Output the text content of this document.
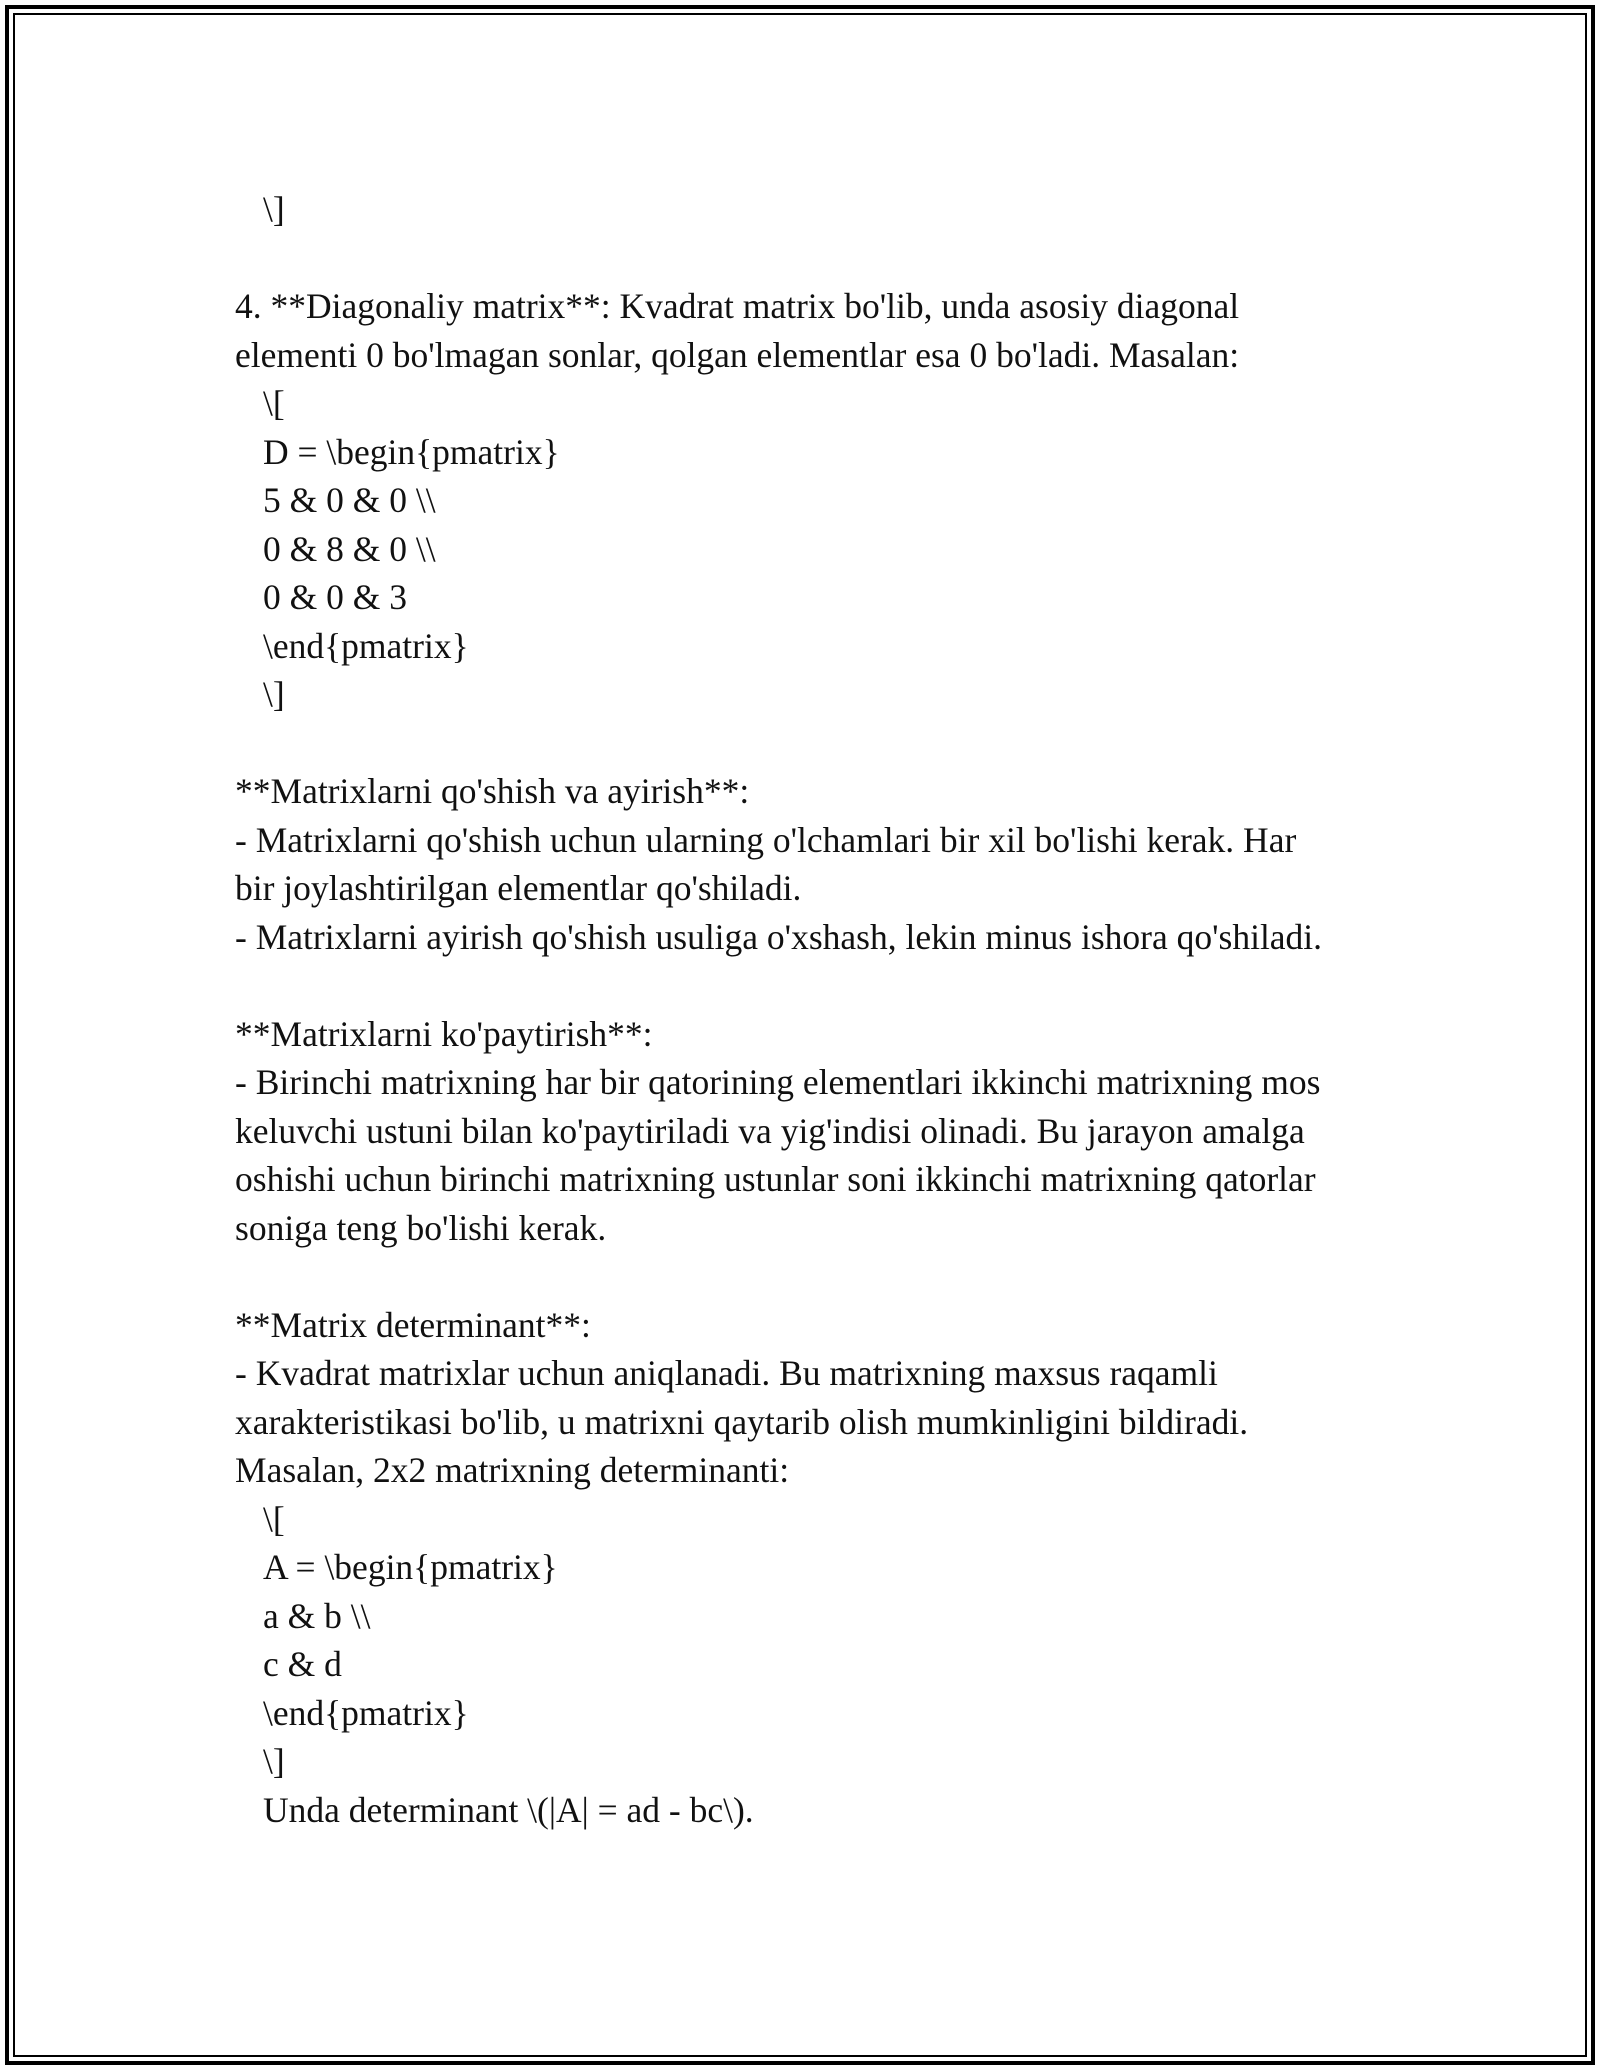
\]
4. **Diagonaliy matrix**: Kvadrat matrix bo'lib, unda asosiy diagonal
elementi 0 bo'lmagan sonlar, qolgan elementlar esa 0 bo'ladi. Masalan:
\[
D = \begin{pmatrix}
5 & 0 & 0 \\
0 & 8 & 0 \\
0 & 0 & 3
\end{pmatrix}
\]
**Matrixlarni qo'shish va ayirish**:
- Matrixlarni qo'shish uchun ularning o'lchamlari bir xil bo'lishi kerak. Har
bir joylashtirilgan elementlar qo'shiladi.
- Matrixlarni ayirish qo'shish usuliga o'xshash, lekin minus ishora qo'shiladi.
**Matrixlarni ko'paytirish**:
- Birinchi matrixning har bir qatorining elementlari ikkinchi matrixning mos
keluvchi ustuni bilan ko'paytiriladi va yig'indisi olinadi. Bu jarayon amalga
oshishi uchun birinchi matrixning ustunlar soni ikkinchi matrixning qatorlar
soniga teng bo'lishi kerak.
**Matrix determinant**:
- Kvadrat matrixlar uchun aniqlanadi. Bu matrixning maxsus raqamli
xarakteristikasi bo'lib, u matrixni qaytarib olish mumkinligini bildiradi.
Masalan, 2x2 matrixning determinanti:
\[
A = \begin{pmatrix}
a & b \\
c & d
\end{pmatrix}
\]
Unda determinant \(|A| = ad - bc\).
